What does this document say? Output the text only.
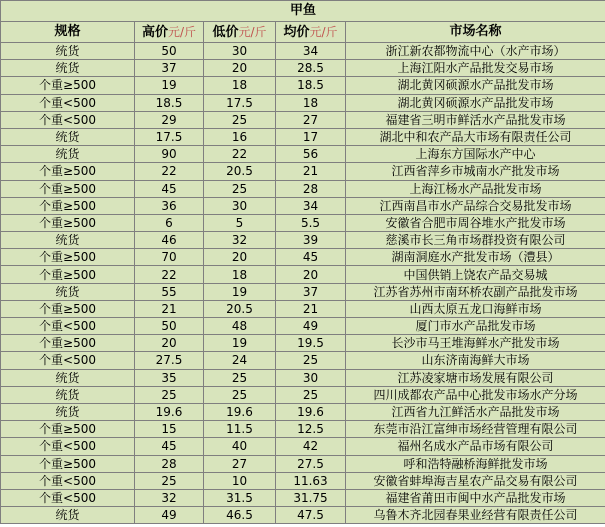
甲鱼				
规格	高价元/斤	低价元/斤	均价元/斤	市场名称
统货	50	30	34	浙江新农都物流中心（水产市场）
统货	37	20	28.5	上海江阳水产品批发交易市场
个重≥500	19	18	18.5	湖北黄冈硕源水产品批发市场
个重<500	18.5	17.5	18	湖北黄冈硕源水产品批发市场
个重<500	29	25	27	福建省三明市鲜活水产品批发市场
统货	17.5	16	17	湖北中和农产品大市场有限责任公司
统货	90	22	56	上海东方国际水产中心
个重≥500	22	20.5	21	江西省萍乡市城南水产批发市场
个重≥500	45	25	28	上海江杨水产品批发市场
个重≥500	36	30	34	江西南昌市水产品综合交易批发市场
个重≥500	6	5	5.5	安徽省合肥市周谷堆水产批发市场
统货	46	32	39	慈溪市长三角市场群投资有限公司
个重≥500	70	20	45	湖南洞庭水产批发市场（澧县）
个重≥500	22	18	20	中国供销上饶农产品交易城
统货	55	19	37	江苏省苏州市南环桥农副产品批发市场
个重≥500	21	20.5	21	山西太原五龙口海鲜市场
个重<500	50	48	49	厦门市水产品批发市场
个重≥500	20	19	19.5	长沙市马王堆海鲜水产批发市场
个重<500	27.5	24	25	山东济南海鲜大市场
统货	35	25	30	江苏凌家塘市场发展有限公司
统货	25	25	25	四川成都农产品中心批发市场水产分场
统货	19.6	19.6	19.6	江西省九江鲜活水产品批发市场
个重≥500	15	11.5	12.5	东莞市沿江富绅市场经营管理有限公司
个重<500	45	40	42	福州名成水产品市场有限公司
个重≥500	28	27	27.5	呼和浩特融桥海鲜批发市场
个重<500	25	10	11.63	安徽省蚌埠海吉星农产品交易有限公司
个重<500	32	31.5	31.75	福建省莆田市闽中水产品批发市场
统货	49	46.5	47.5	乌鲁木齐北园春果业经营有限责任公司
